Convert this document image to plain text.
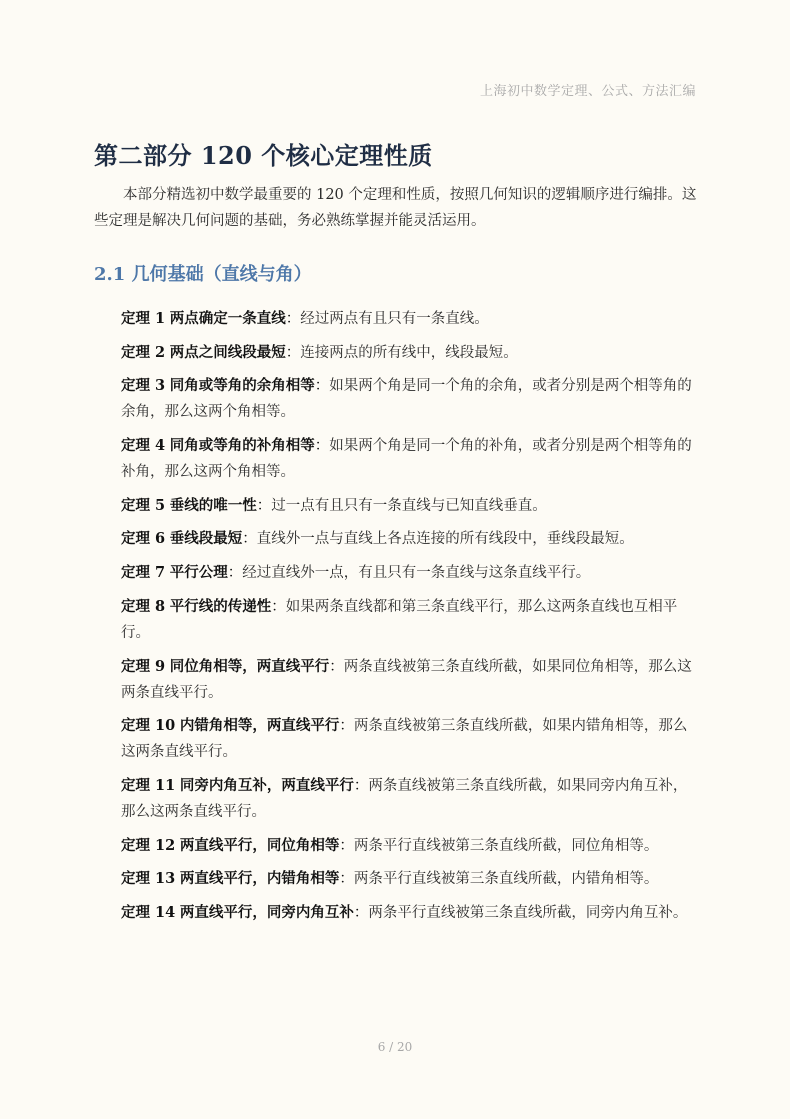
上海初中数学定理、公式、方法汇编
第二部分 120 个核心定理性质

本部分精选初中数学最重要的 120 个定理和性质，按照几何知识的逻辑顺序进行编排。这些定理是解决几何问题的基础，务必熟练掌握并能灵活运用。

2.1 几何基础（直线与角）
定理 1 两点确定一条直线 ： 经过两点有且只有一条直线。
定理 2 两点之间线段最短 ： 连接两点的所有线中，线段最短。
定理 3 同角或等角的余角相等 ： 如果两个角是同一个角的余角，或者分别是两个相等角的余角，那么这两个角相等。
定理 4 同角或等角的补角相等 ： 如果两个角是同一个角的补角，或者分别是两个相等角的补角，那么这两个角相等。
定理 5 垂线的唯一性 ： 过一点有且只有一条直线与已知直线垂直。
定理 6 垂线段最短 ： 直线外一点与直线上各点连接的所有线段中，垂线段最短。
定理 7 平行公理 ： 经过直线外一点，有且只有一条直线与这条直线平行。
定理 8 平行线的传递性 ： 如果两条直线都和第三条直线平行，那么这两条直线也互相平行。
定理 9 同位角相等，两直线平行 ： 两条直线被第三条直线所截，如果同位角相等，那么这两条直线平行。
定理 10 内错角相等，两直线平行 ： 两条直线被第三条直线所截，如果内错角相等，那么这两条直线平行。
定理 11 同旁内角互补，两直线平行 ： 两条直线被第三条直线所截，如果同旁内角互补，那么这两条直线平行。
定理 12 两直线平行，同位角相等 ： 两条平行直线被第三条直线所截，同位角相等。
定理 13 两直线平行，内错角相等 ： 两条平行直线被第三条直线所截，内错角相等。
定理 14 两直线平行，同旁内角互补 ： 两条平行直线被第三条直线所截，同旁内角互补。
6 / 20
